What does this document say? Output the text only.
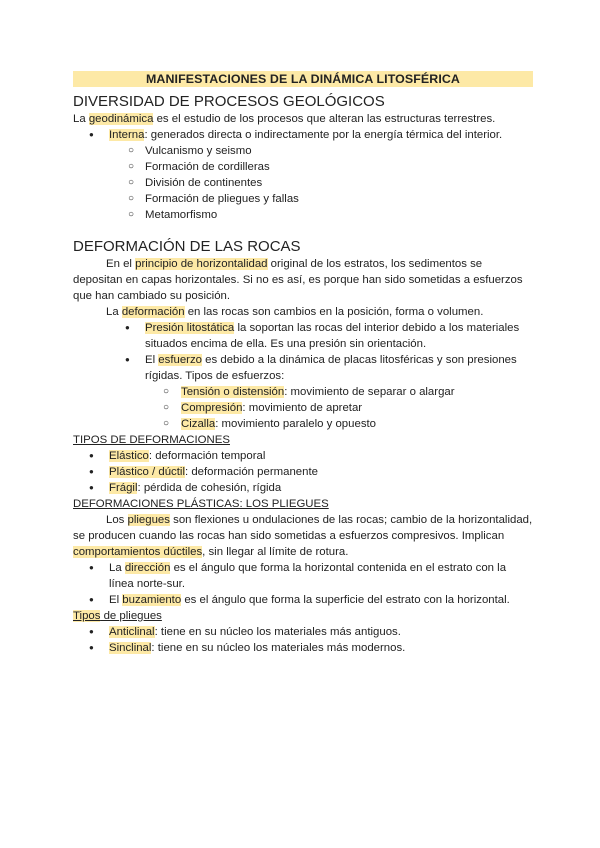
MANIFESTACIONES DE LA DINÁMICA LITOSFÉRICA
DIVERSIDAD DE PROCESOS GEOLÓGICOS

La geodinámica es el estudio de los procesos que alteran las estructuras terrestres.

● Interna: generados directa o indirectamente por la energía térmica del interior.
○ Vulcanismo y seismo
○ Formación de cordilleras
○ División de continentes
○ Formación de pliegues y fallas
○ Metamorfismo
DEFORMACIÓN DE LAS ROCAS

En el principio de horizontalidad original de los estratos, los sedimentos se depositan en capas horizontales. Si no es así, es porque han sido sometidas a esfuerzos que han cambiado su posición.

La deformación en las rocas son cambios en la posición, forma o volumen.

● Presión litostática la soportan las rocas del interior debido a los materiales situados encima de ella. Es una presión sin orientación.
● El esfuerzo es debido a la dinámica de placas litosféricas y son presiones rígidas. Tipos de esfuerzos:
○ Tensión o distensión: movimiento de separar o alargar
○ Compresión: movimiento de apretar
○ Cizalla: movimiento paralelo y opuesto

TIPOS DE DEFORMACIONES

● Elástico: deformación temporal
● Plástico / dúctil: deformación permanente
● Frágil: pérdida de cohesión, rígida

DEFORMACIONES PLÁSTICAS: LOS PLIEGUES

Los pliegues son flexiones u ondulaciones de las rocas; cambio de la horizontalidad, se producen cuando las rocas han sido sometidas a esfuerzos compresivos. Implican comportamientos dúctiles, sin llegar al límite de rotura.

● La dirección es el ángulo que forma la horizontal contenida en el estrato con la línea norte-sur.
● El buzamiento es el ángulo que forma la superficie del estrato con la horizontal.

Tipos de pliegues

● Anticlinal: tiene en su núcleo los materiales más antiguos.
● Sinclinal: tiene en su núcleo los materiales más modernos.
